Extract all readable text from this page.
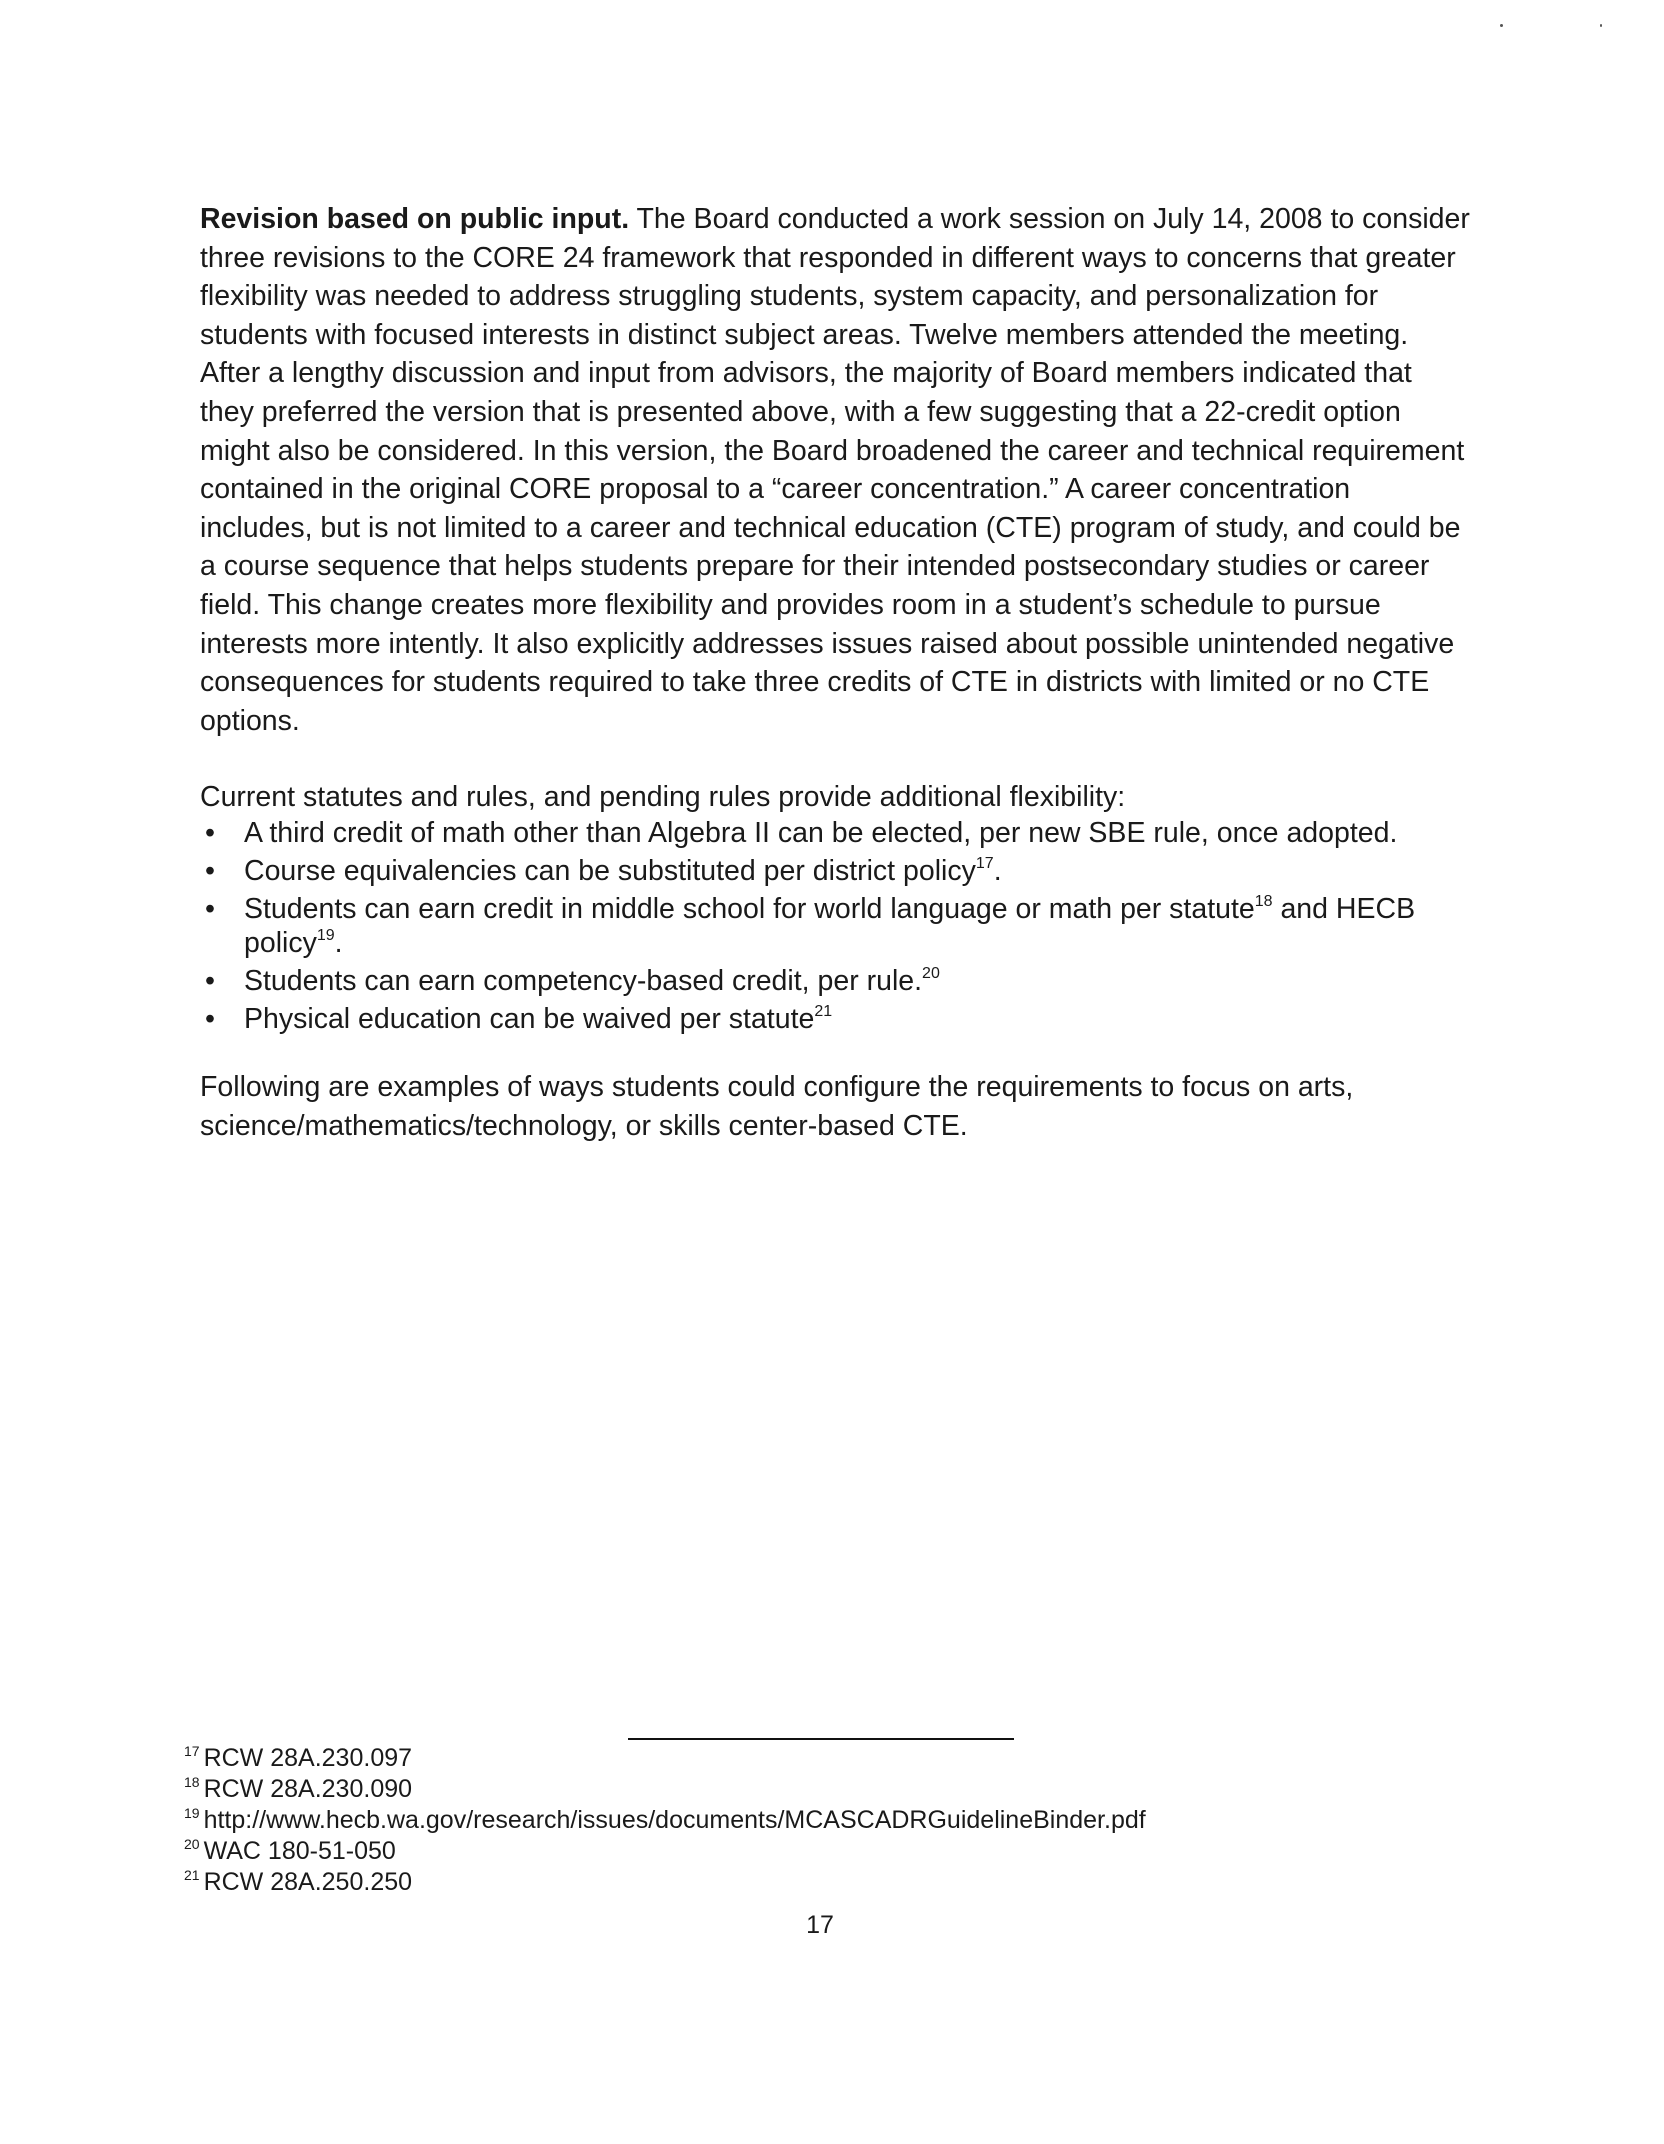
Revision based on public input. The Board conducted a work session on July 14, 2008 to consider three revisions to the CORE 24 framework that responded in different ways to concerns that greater flexibility was needed to address struggling students, system capacity, and personalization for students with focused interests in distinct subject areas. Twelve members attended the meeting. After a lengthy discussion and input from advisors, the majority of Board members indicated that they preferred the version that is presented above, with a few suggesting that a 22-credit option might also be considered. In this version, the Board broadened the career and technical requirement contained in the original CORE proposal to a “career concentration.” A career concentration includes, but is not limited to a career and technical education (CTE) program of study, and could be a course sequence that helps students prepare for their intended postsecondary studies or career field. This change creates more flexibility and provides room in a student’s schedule to pursue interests more intently. It also explicitly addresses issues raised about possible unintended negative consequences for students required to take three credits of CTE in districts with limited or no CTE options.

Current statutes and rules, and pending rules provide additional flexibility:

• A third credit of math other than Algebra II can be elected, per new SBE rule, once adopted.
• Course equivalencies can be substituted per district policy$^{17}$.
• Students can earn credit in middle school for world language or math per statute$^{18}$ and HECB policy$^{19}$.
• Students can earn competency-based credit, per rule.$^{20}$
• Physical education can be waived per statute$^{21}$

Following are examples of ways students could configure the requirements to focus on arts, science/mathematics/technology, or skills center-based CTE.

$^{17}$ RCW 28A.230.097
$^{18}$ RCW 28A.230.090
$^{19}$ http://www.hecb.wa.gov/research/issues/documents/MCASCADRGuidelineBinder.pdf
$^{20}$ WAC 180-51-050
$^{21}$ RCW 28A.250.250
17
